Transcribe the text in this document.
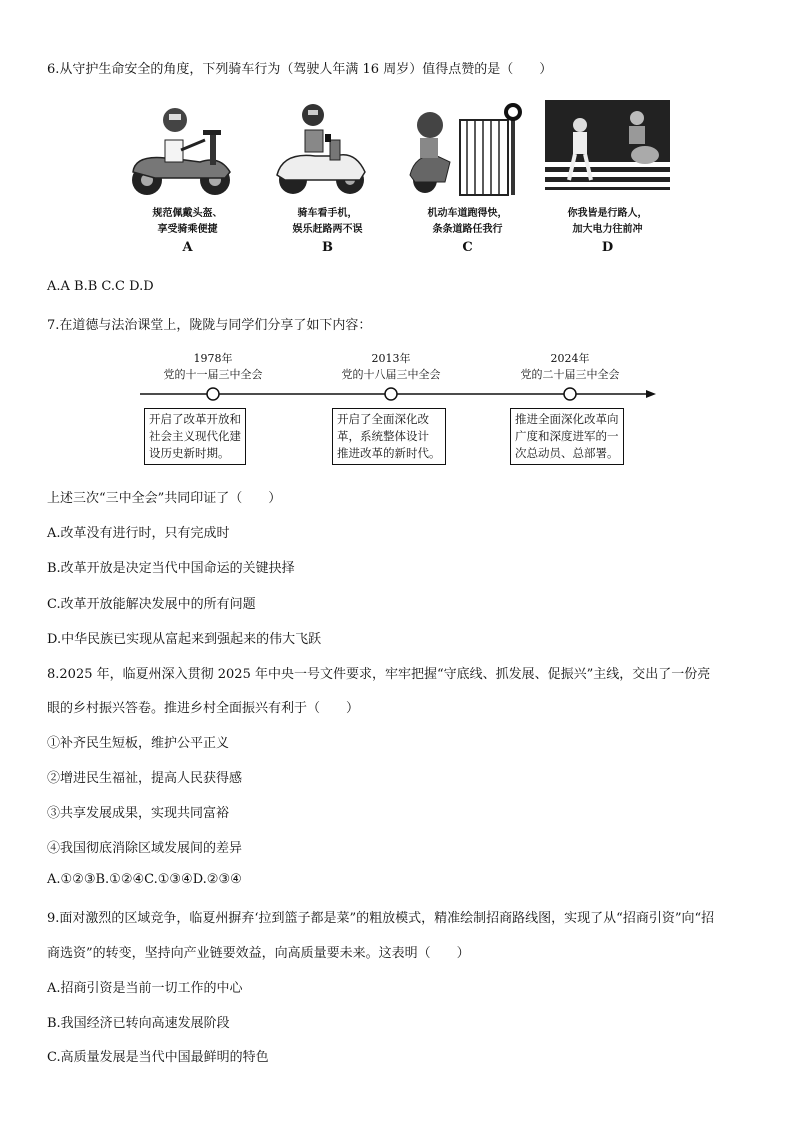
6.从守护生命安全的角度，下列骑车行为（驾驶人年满 16 周岁）值得点赞的是（　　）
规范佩戴头盔、
享受骑乘便捷
A
骑车看手机，
娱乐赶路两不误
B
机动车道跑得快，
条条道路任我行
C
你我皆是行路人，
加大电力往前冲
D
A.A B.B C.C D.D
7.在道德与法治课堂上，陇陇与同学们分享了如下内容：
1978年
党的十一届三中全会
2013年
党的十八届三中全会
2024年
党的二十届三中全会
开启了改革开放和
社会主义现代化建
设历史新时期。
开启了全面深化改
革，系统整体设计
推进改革的新时代。
推进全面深化改革向
广度和深度进军的一
次总动员、总部署。
上述三次“三中全会”共同印证了（　　）
A.改革没有进行时，只有完成时
B.改革开放是决定当代中国命运的关键抉择
C.改革开放能解决发展中的所有问题
D.中华民族已实现从富起来到强起来的伟大飞跃
8.2025 年，临夏州深入贯彻 2025 年中央一号文件要求，牢牢把握“守底线、抓发展、促振兴”主线，交出了一份亮
眼的乡村振兴答卷。推进乡村全面振兴有利于（　　）
①补齐民生短板，维护公平正义
②增进民生福祉，提高人民获得感
③共享发展成果，实现共同富裕
④我国彻底消除区域发展间的差异
A.①②③B.①②④C.①③④D.②③④
9.面对激烈的区域竞争，临夏州摒弃‘拉到篮子都是菜”的粗放模式，精准绘制招商路线图，实现了从“招商引资”向“招
商选资”的转变，坚持向产业链要效益，向高质量要未来。这表明（　　）
A.招商引资是当前一切工作的中心
B.我国经济已转向高速发展阶段
C.高质量发展是当代中国最鲜明的特色
